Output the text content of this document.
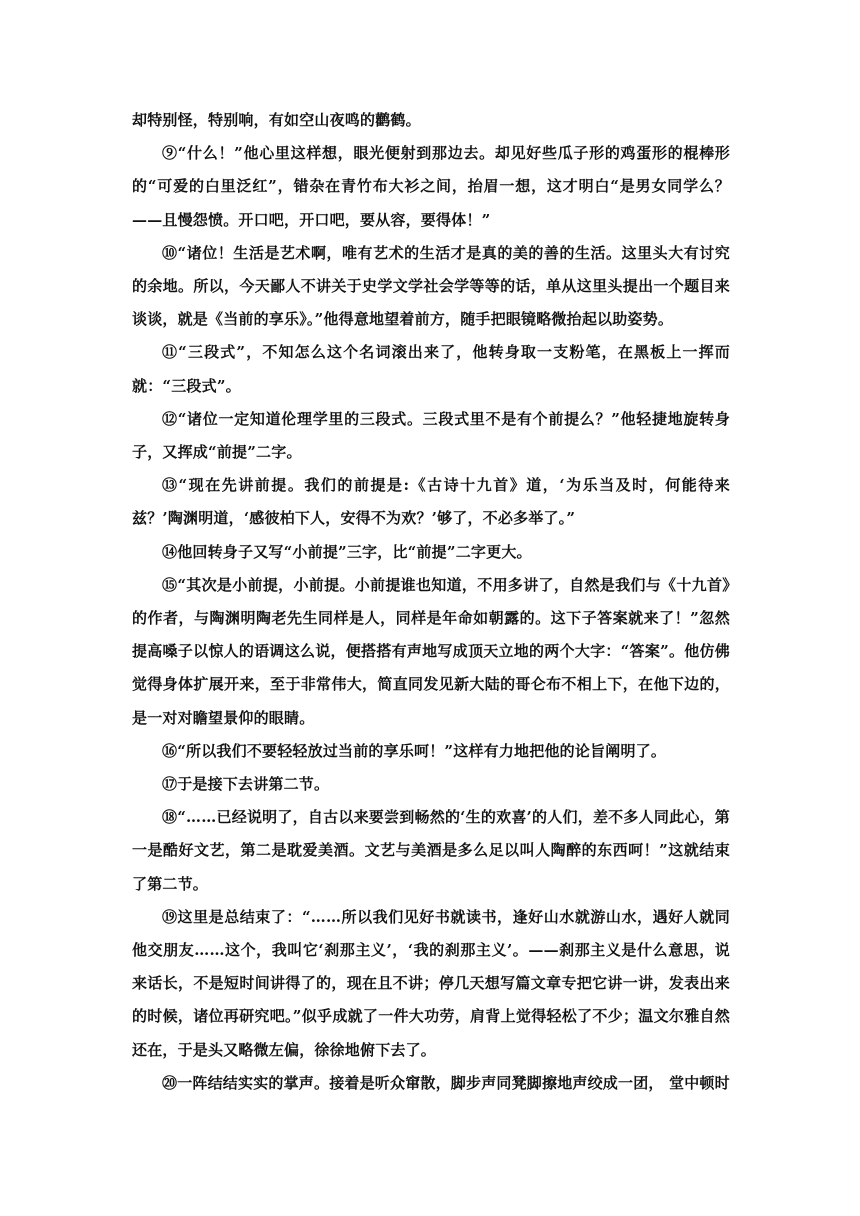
却特别怪，特别响，有如空山夜鸣的鹳鹤。

⑨“什么！”他心里这样想，眼光便射到那边去。却见好些瓜子形的鸡蛋形的棍棒形的“可爱的白里泛红”，错杂在青竹布大衫之间，抬眉一想，这才明白“是男女同学么？——且慢怨愤。开口吧，开口吧，要从容，要得体！”

⑩“诸位！生活是艺术啊，唯有艺术的生活才是真的美的善的生活。这里头大有讨究的余地。所以，今天鄙人不讲关于史学文学社会学等等的话，单从这里头提出一个题目来谈谈，就是《当前的享乐》。”他得意地望着前方，随手把眼镜略微抬起以助姿势。

⑪“三段式”，不知怎么这个名词滚出来了，他转身取一支粉笔，在黑板上一挥而就：“三段式”。

⑫“诸位一定知道伦理学里的三段式。三段式里不是有个前提么？”他轻捷地旋转身子，又挥成“前提”二字。

⑬“现在先讲前提。我们的前提是:《古诗十九首》道，‘为乐当及时，何能待来兹？’陶渊明道，‘感彼柏下人，安得不为欢？’够了，不必多举了。”

⑭他回转身子又写“小前提”三字，比“前提”二字更大。

⑮“其次是小前提，小前提。小前提谁也知道，不用多讲了，自然是我们与《十九首》的作者，与陶渊明陶老先生同样是人，同样是年命如朝露的。这下子答案就来了！”忽然提高嗓子以惊人的语调这么说，便搭搭有声地写成顶天立地的两个大字：“答案”。他仿佛觉得身体扩展开来，至于非常伟大，简直同发见新大陆的哥仑布不相上下，在他下边的，是一对对瞻望景仰的眼睛。

⑯“所以我们不要轻轻放过当前的享乐呵！”这样有力地把他的论旨阐明了。

⑰于是接下去讲第二节。

⑱“……已经说明了，自古以来要尝到畅然的‘生的欢喜’的人们，差不多人同此心，第一是酷好文艺，第二是耽爱美酒。文艺与美酒是多么足以叫人陶醉的东西呵！”这就结束了第二节。

⑲这里是总结束了：“……所以我们见好书就读书，逢好山水就游山水，遇好人就同他交朋友……这个，我叫它‘刹那主义’，‘我的刹那主义’。——刹那主义是什么意思，说来话长，不是短时间讲得了的，现在且不讲；停几天想写篇文章专把它讲一讲，发表出来的时候，诸位再研究吧。”似乎成就了一件大功劳，肩背上觉得轻松了不少；温文尔雅自然还在，于是头又略微左偏，徐徐地俯下去了。

⑳一阵结结实实的掌声。接着是听众窜散，脚步声同凳脚擦地声绞成一团， 堂中顿时
